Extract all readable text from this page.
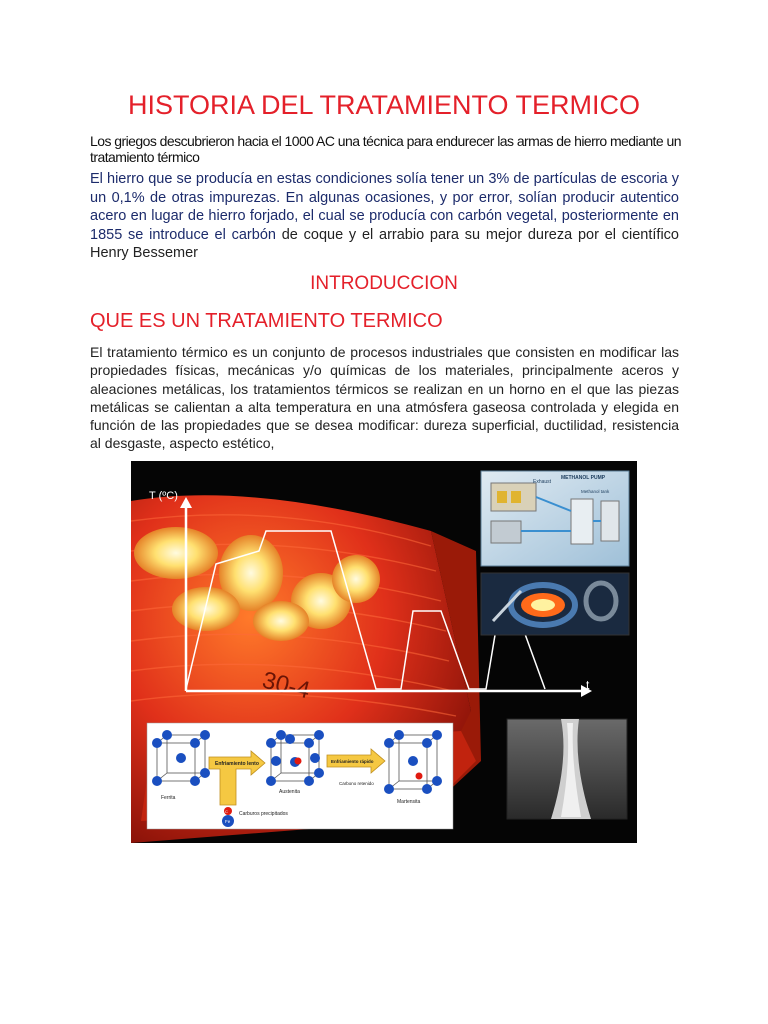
HISTORIA DEL TRATAMIENTO TERMICO

Los griegos descubrieron hacia el 1000 AC una técnica para endurecer las armas de hierro mediante un tratamiento térmico

El hierro que se producía en estas condiciones solía tener un 3% de partículas de escoria y un 0,1% de otras impurezas. En algunas ocasiones, y por error, solían producir autentico acero en lugar de hierro forjado, el cual se producía con carbón vegetal, posteriormente en 1855 se introduce el carbón de coque y el arrabio para su mejor dureza por el científico Henry Bessemer

INTRODUCCION
QUE ES UN TRATAMIENTO TERMICO

El tratamiento térmico es un conjunto de procesos industriales que consisten en modificar las propiedades físicas, mecánicas y/o químicas de los materiales, principalmente aceros y aleaciones metálicas, los tratamientos térmicos se realizan en un horno en el que las piezas metálicas se calientan a alta temperatura en una atmósfera gaseosa controlada y elegida en función de las propiedades que se desea modificar: dureza superficial, ductilidad, resistencia al desgaste, aspecto estético,

30-4
T (ºC)
t
Exhaust
METHANOL PUMP
Methanol tank
Enfriamiento lento	Enfriamiento rápido
Ferrita
Austenita
Martensita
Carburos precipitados
Carbono retenido
Fe
Fe
C
